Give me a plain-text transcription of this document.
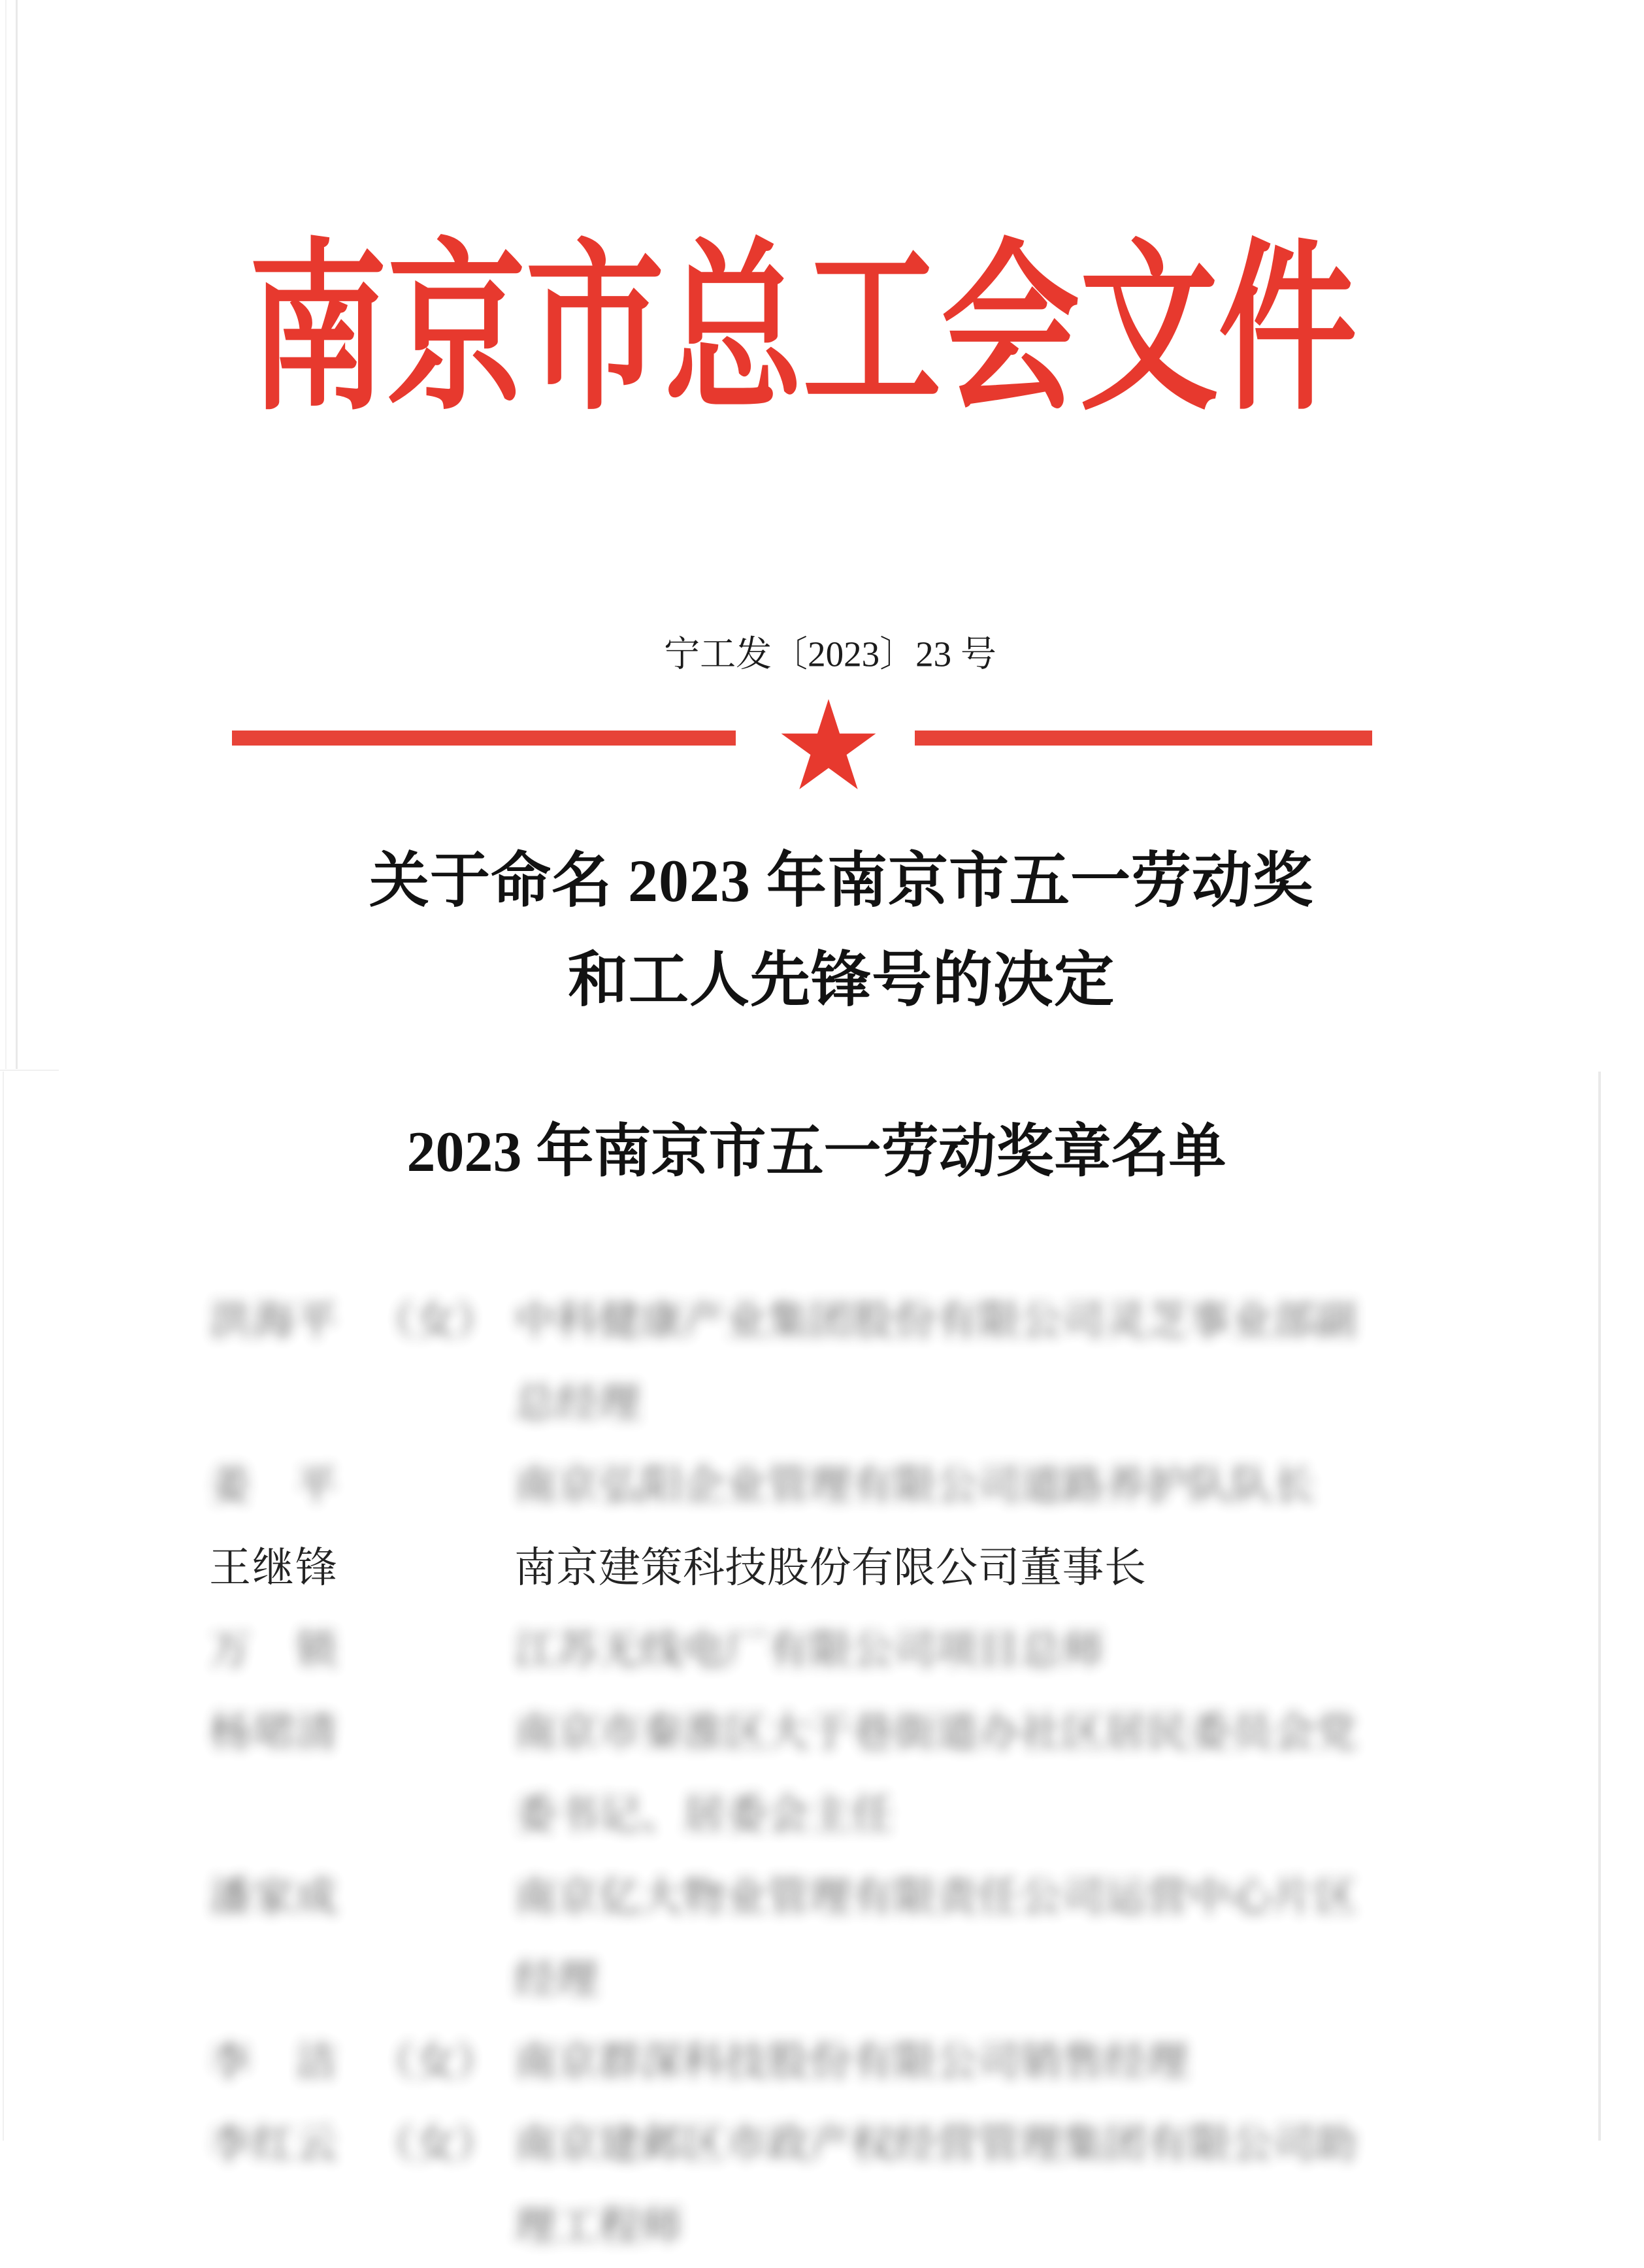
南京市总工会文件
宁工发〔2023〕23 号
关于命名 2023 年南京市五一劳动奖
和工人先锋号的决定
2023 年南京市五一劳动奖章名单
洪海平 （女） 中科健康产业集团股份有限公司灵芝事业部副总经理
姜　平	南京弘阳企业管理有限公司道路养护队队长
王继锋	南京建策科技股份有限公司董事长
万　锁	江苏无线电厂有限公司项目总师
杨珺清	南京市秦淮区大于巷街道办社区居民委员会党委书记、居委会主任
潘家成	南京亿大物业管理有限责任公司运营中心片区经理
李　洁 （女） 南京群深科技股份有限公司销售经理
李红云 （女） 南京建邺区市政产权经营管理集团有限公司助理工程师
